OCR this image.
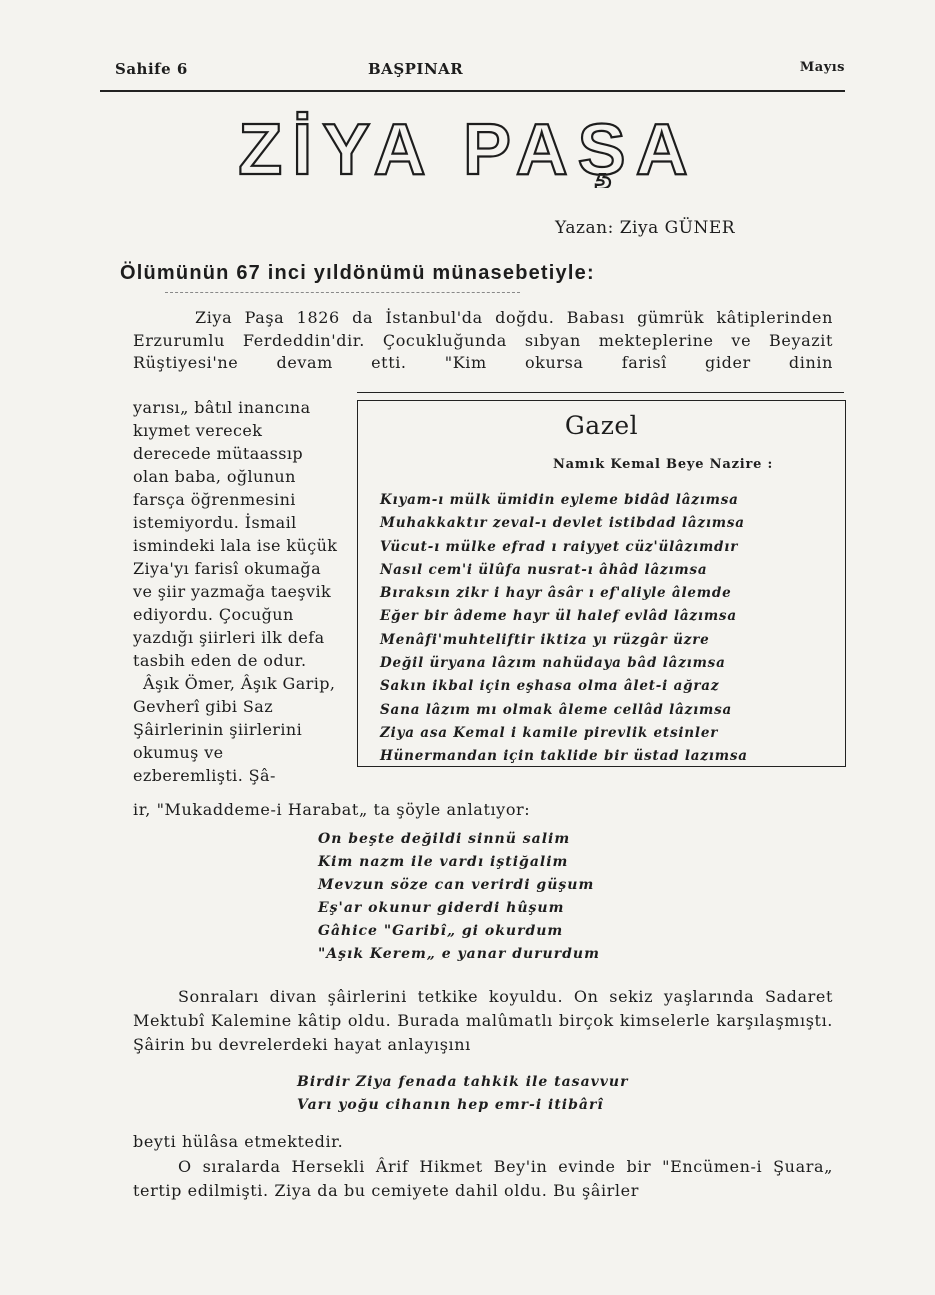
Sahife 6	BAŞPINAR	Mayıs
ZİYA PAŞA
Yazan: Ziya GÜNER
Ölümünün 67 inci yıldönümü münasebetiyle:
Ziya Paşa 1826 da İstanbul'da doğdu. Babası gümrük kâtiplerinden Erzurumlu Ferdeddin'dir. Çocukluğunda sıbyan mekteplerine ve Beyazit Rüştiyesi'ne devam etti. "Kim okursa farisî gider dinin

yarısı„ bâtıl inancına kıymet verecek derecede mütaassıp olan baba, oğlunun farsça öğrenmesini istemiyordu. İsmail ismindeki lala ise küçük Ziya'yı farisî okumağa ve şiir yazmağa taeşvik ediyordu. Çocuğun yazdığı şiirleri ilk defa tasbih eden de odur.

Âşık Ömer, Âşık Garip, Gevherî gibi Saz Şâirlerinin şiirlerini okumuş ve ezberemlişti. Şâ-

ir, "Mukaddeme-i Harabat„ ta şöyle anlatıyor:
Gazel
Namık Kemal Beye Nazire :
Kıyam-ı mülk ümidin eyleme bidâd lâzımsa
Muhakkaktır zeval-ı devlet istibdad lâzımsa
Vücut-ı mülke efrad ı raiyyet cüz'ülâzımdır
Nasıl cem'i ülûfa nusrat-ı âhâd lâzımsa
Bıraksın zikr i hayr âsâr ı ef'aliyle âlemde
Eğer bir âdeme hayr ül halef evlâd lâzımsa
Menâfi'muhteliftir iktiza yı rüzgâr üzre
Değil üryana lâzım nahüdaya bâd lâzımsa
Sakın ikbal için eşhasa olma âlet-i ağraz
Sana lâzım mı olmak âleme cellâd lâzımsa
Ziya asa Kemal i kamile pirevlik etsinler
Hünermandan için taklide bir üstad lazımsa
On beşte değildi sinnü salim
Kim nazm ile vardı iştiğalim
Mevzun söze can verirdi güşum
Eş'ar okunur giderdi hûşum
Gâhice "Garibî„ gi okurdum
"Aşık Kerem„ e yanar dururdum
Sonraları divan şâirlerini tetkike koyuldu. On sekiz yaşlarında Sadaret Mektubî Kalemine kâtip oldu. Burada malûmatlı birçok kimselerle karşılaşmıştı. Şâirin bu devrelerdeki hayat anlayışını
Birdir Ziya fenada tahkik ile tasavvur
Varı yoğu cihanın hep emr-i itibârî
beyti hülâsa etmektedir.
O sıralarda Hersekli Ârif Hikmet Bey'in evinde bir "Encümen-i Şuara„ tertip edilmişti. Ziya da bu cemiyete dahil oldu. Bu şâirler
